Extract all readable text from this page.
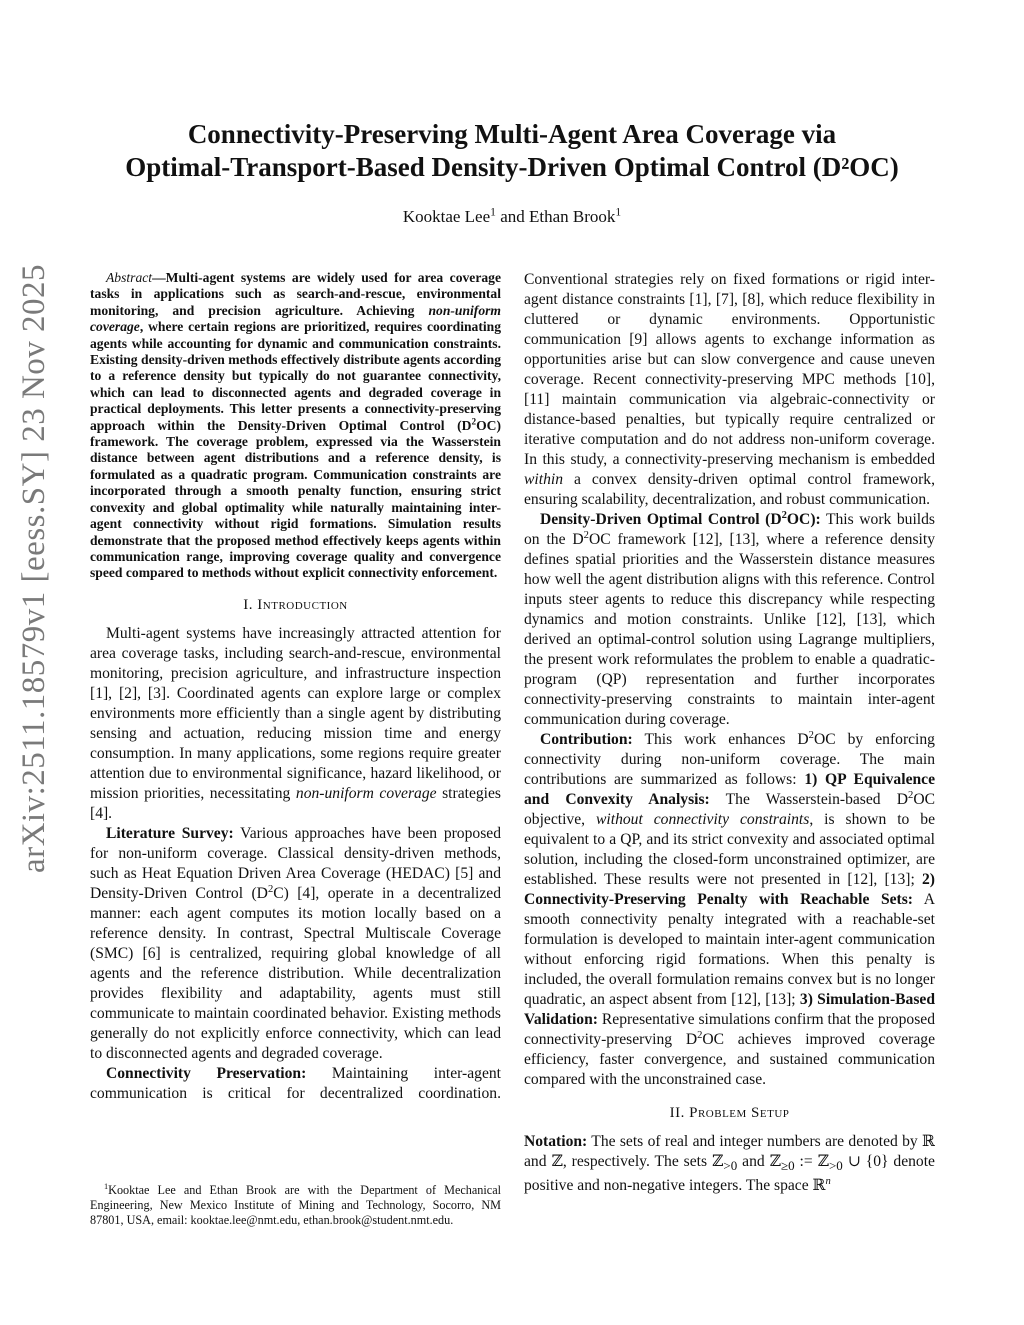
arXiv:2511.18579v1 [eess.SY] 23 Nov 2025
Connectivity-Preserving Multi-Agent Area Coverage via
Optimal-Transport-Based Density-Driven Optimal Control (D²OC)
Kooktae Lee$^1$ and Ethan Brook$^1$

Abstract—Multi-agent systems are widely used for area coverage tasks in applications such as search-and-rescue, environmental monitoring, and precision agriculture. Achieving non-uniform coverage, where certain regions are prioritized, requires coordinating agents while accounting for dynamic and communication constraints. Existing density-driven methods effectively distribute agents according to a reference density but typically do not guarantee connectivity, which can lead to disconnected agents and degraded coverage in practical deployments. This letter presents a connectivity-preserving approach within the Density-Driven Optimal Control $(D^2OC)$ framework. The coverage problem, expressed via the Wasserstein distance between agent distributions and a reference density, is formulated as a quadratic program. Communication constraints are incorporated through a smooth penalty function, ensuring strict convexity and global optimality while naturally maintaining inter-agent connectivity without rigid formations. Simulation results demonstrate that the proposed method effectively keeps agents within communication range, improving coverage quality and convergence speed compared to methods without explicit connectivity enforcement.

I. Introduction

Multi-agent systems have increasingly attracted attention for area coverage tasks, including search-and-rescue, environmental monitoring, precision agriculture, and infrastructure inspection [1], [2], [3]. Coordinated agents can explore large or complex environments more efficiently than a single agent by distributing sensing and actuation, reducing mission time and energy consumption. In many applications, some regions require greater attention due to environmental significance, hazard likelihood, or mission priorities, necessitating non-uniform coverage strategies [4].

Literature Survey: Various approaches have been proposed for non-uniform coverage. Classical density-driven methods, such as Heat Equation Driven Area Coverage (HEDAC) [5] and Density-Driven Control $(D^2C)$ [4], operate in a decentralized manner: each agent computes its motion locally based on a reference density. In contrast, Spectral Multiscale Coverage (SMC) [6] is centralized, requiring global knowledge of all agents and the reference distribution. While decentralization provides flexibility and adaptability, agents must still communicate to maintain coordinated behavior. Existing methods generally do not explicitly enforce connectivity, which can lead to disconnected agents and degraded coverage.

Connectivity Preservation: Maintaining inter-agent communication is critical for decentralized coordination.

$^1$Kooktae Lee and Ethan Brook are with the Department of Mechanical Engineering, New Mexico Institute of Mining and Technology, Socorro, NM 87801, USA, email: kooktae.lee@nmt.edu, ethan.brook@student.nmt.edu.

Conventional strategies rely on fixed formations or rigid inter-agent distance constraints [1], [7], [8], which reduce flexibility in cluttered or dynamic environments. Opportunistic communication [9] allows agents to exchange information as opportunities arise but can slow convergence and cause uneven coverage. Recent connectivity-preserving MPC methods [10], [11] maintain communication via algebraic-connectivity or distance-based penalties, but typically require centralized or iterative computation and do not address non-uniform coverage. In this study, a connectivity-preserving mechanism is embedded within a convex density-driven optimal control framework, ensuring scalability, decentralization, and robust communication.

Density-Driven Optimal Control $(D^2OC)$: This work builds on the $D^2OC$ framework [12], [13], where a reference density defines spatial priorities and the Wasserstein distance measures how well the agent distribution aligns with this reference. Control inputs steer agents to reduce this discrepancy while respecting dynamics and motion constraints. Unlike [12], [13], which derived an optimal-control solution using Lagrange multipliers, the present work reformulates the problem to enable a quadratic-program (QP) representation and further incorporates connectivity-preserving constraints to maintain inter-agent communication during coverage.

Contribution: This work enhances $D^2OC$ by enforcing connectivity during non-uniform coverage. The main contributions are summarized as follows: 1) QP Equivalence and Convexity Analysis: The Wasserstein-based $D^2OC$ objective, without connectivity constraints, is shown to be equivalent to a QP, and its strict convexity and associated optimal solution, including the closed-form unconstrained optimizer, are established. These results were not presented in [12], [13]; 2) Connectivity-Preserving Penalty with Reachable Sets: A smooth connectivity penalty integrated with a reachable-set formulation is developed to maintain inter-agent communication without enforcing rigid formations. When this penalty is included, the overall formulation remains convex but is no longer quadratic, an aspect absent from [12], [13]; 3) Simulation-Based Validation: Representative simulations confirm that the proposed connectivity-preserving $D^2OC$ achieves improved coverage efficiency, faster convergence, and sustained communication compared with the unconstrained case.

II. Problem Setup

Notation: The sets of real and integer numbers are denoted by ℝ and ℤ, respectively. The sets ℤ$_{>0}$ and ℤ$_{\ge 0}$ := ℤ$_{>0}$ ∪ {0} denote positive and non-negative integers. The space ℝ$^n$
